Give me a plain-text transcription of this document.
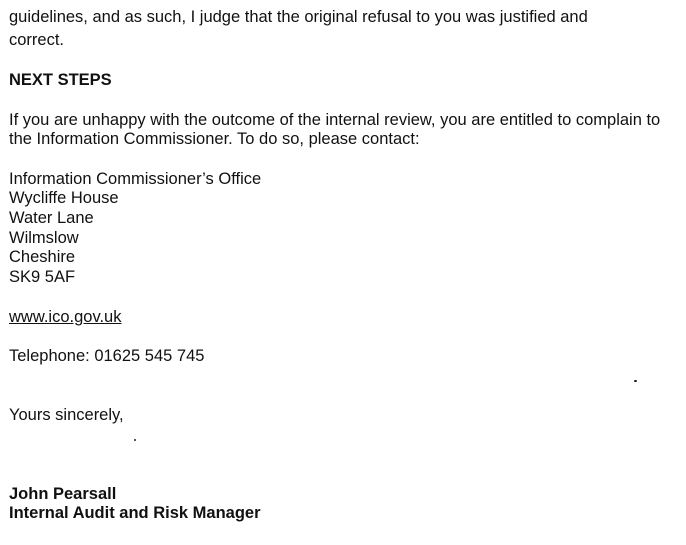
guidelines, and as such, I judge that the original refusal to you was justified and
correct.
NEXT STEPS
If you are unhappy with the outcome of the internal review, you are entitled to complain to
the Information Commissioner. To do so, please contact:
Information Commissioner’s Office
Wycliffe House
Water Lane
Wilmslow
Cheshire
SK9 5AF
www.ico.gov.uk
Telephone: 01625 545 745
Yours sincerely,
John Pearsall
Internal Audit and Risk Manager
